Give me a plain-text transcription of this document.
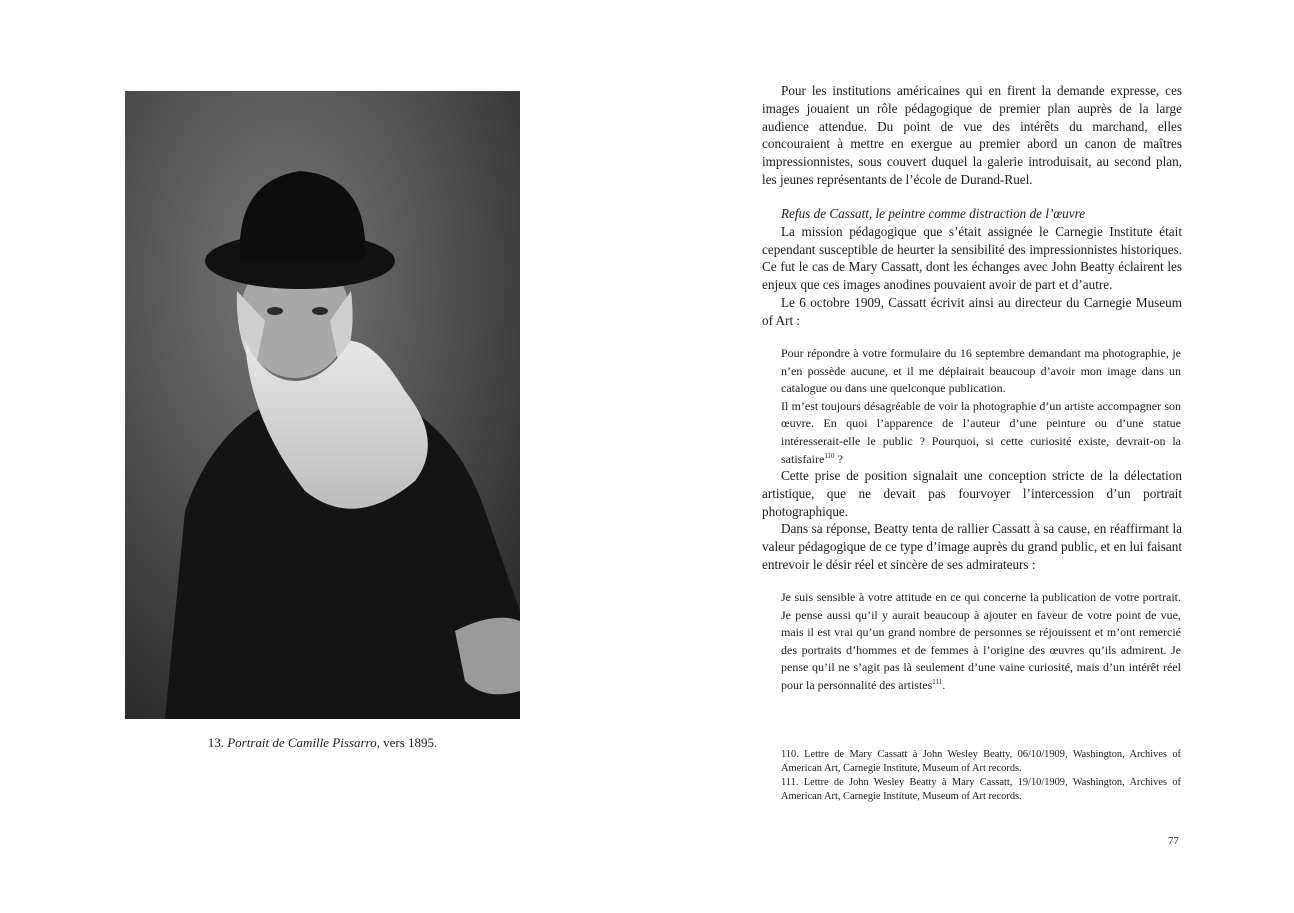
13. Portrait de Camille Pissarro, vers 1895.

Pour les institutions américaines qui en firent la demande expresse, ces images jouaient un rôle pédagogique de premier plan auprès de la large audience attendue. Du point de vue des intérêts du marchand, elles concouraient à mettre en exergue au premier abord un canon de maîtres impressionnistes, sous couvert duquel la galerie introduisait, au second plan, les jeunes représentants de l’école de Durand-Ruel.

Refus de Cassatt, le peintre comme distraction de l’œuvre

La mission pédagogique que s’était assignée le Carnegie Institute était cependant susceptible de heurter la sensibilité des impressionnistes historiques. Ce fut le cas de Mary Cassatt, dont les échanges avec John Beatty éclairent les enjeux que ces images anodines pouvaient avoir de part et d’autre.

Le 6 octobre 1909, Cassatt écrivit ainsi au directeur du Carnegie Museum of Art :

Pour répondre à votre formulaire du 16 septembre demandant ma photographie, je n’en possède aucune, et il me déplairait beaucoup d’avoir mon image dans un catalogue ou dans une quelconque publication.

Il m’est toujours désagréable de voir la photographie d’un artiste accompagner son œuvre. En quoi l’apparence de l’auteur d’une peinture ou d’une statue intéresserait-elle le public ? Pourquoi, si cette curiosité existe, devrait-on la satisfaire$^{110}$ ?

Cette prise de position signalait une conception stricte de la délectation artistique, que ne devait pas fourvoyer l’intercession d’un portrait photographique.

Dans sa réponse, Beatty tenta de rallier Cassatt à sa cause, en réaffirmant la valeur pédagogique de ce type d’image auprès du grand public, et en lui faisant entrevoir le désir réel et sincère de ses admirateurs :

Je suis sensible à votre attitude en ce qui concerne la publication de votre portrait. Je pense aussi qu’il y aurait beaucoup à ajouter en faveur de votre point de vue, mais il est vrai qu’un grand nombre de personnes se réjouissent et m’ont remercié des portraits d’hommes et de femmes à l’origine des œuvres qu’ils admirent. Je pense qu’il ne s’agit pas là seulement d’une vaine curiosité, mais d’un intérêt réel pour la personnalité des artistes$^{111}$.

110. Lettre de Mary Cassatt à John Wesley Beatty, 06/10/1909, Washington, Archives of American Art, Carnegie Institute, Museum of Art records.

111. Lettre de John Wesley Beatty à Mary Cassatt, 19/10/1909, Washington, Archives of American Art, Carnegie Institute, Museum of Art records.

77
